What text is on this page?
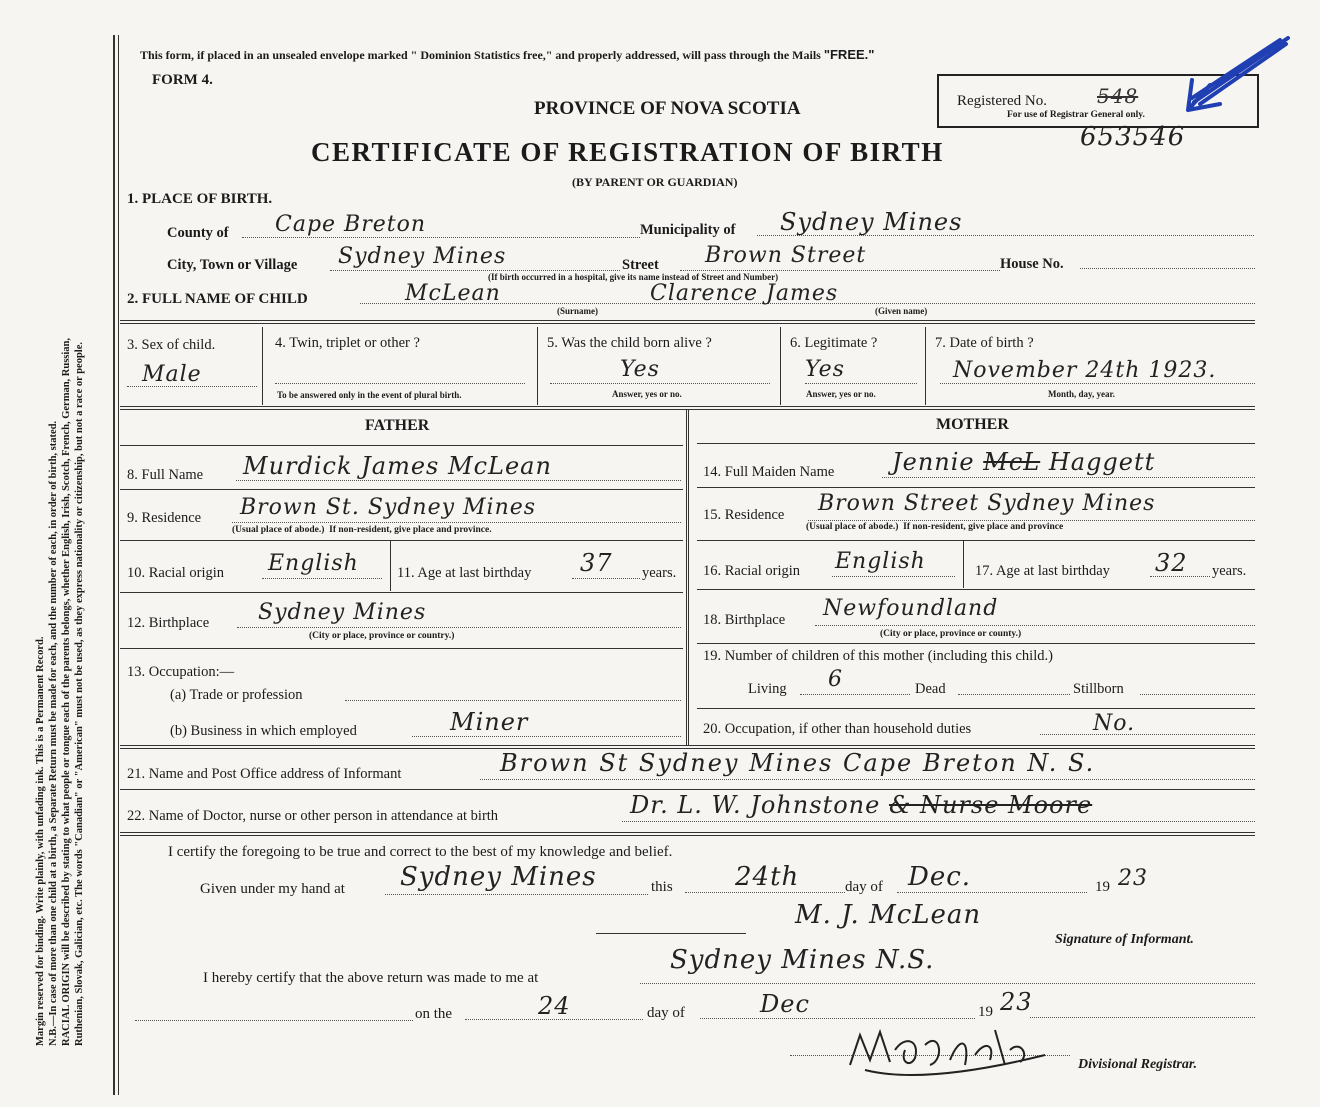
Margin reserved for binding. Write plainly, with unfading ink. This is a Permanent Record. N.B.—In case of more than one child at a birth, a Separate Return must be made for each, and the number of each, in order of birth, stated. RACIAL ORIGIN will be described by stating to what people or tongue each of the parents belongs, whether English, Irish, Scotch, French, German, Russian, Ruthenian, Slovak, Galician, etc. The words "Canadian" or "American" must not be used, as they express nationality or citizenship, but not a race or people.
This form, if placed in an unsealed envelope marked " Dominion Statistics free," and properly addressed, will pass through the Mails "FREE."
FORM 4.
PROVINCE OF NOVA SCOTIA
CERTIFICATE OF REGISTRATION OF BIRTH
(BY PARENT OR GUARDIAN)
Registered No.	548
For use of Registrar General only.
653546
1. PLACE OF BIRTH.
County of Cape Breton	Municipality of Sydney Mines
City, Town or Village Sydney Mines	Street Brown Street	House No.
(If birth occurred in a hospital, give its name instead of Street and Number)
2. FULL NAME OF CHILD	McLean	Clarence James
(Surname)	(Given name)
3. Sex of child.
Male
4. Twin, triplet or other ?
To be answered only in the event of plural birth.
5. Was the child born alive ?
Yes
Answer, yes or no.
6. Legitimate ?
Yes
Answer, yes or no.
7. Date of birth ?
November 24th 1923.
Month, day, year.
FATHER	MOTHER
8. Full Name Murdick James McLean
9. Residence Brown St. Sydney Mines
(Usual place of abode.) If non-resident, give place and province.
10. Racial origin English	11. Age at last birthday 37 years.
12. Birthplace Sydney Mines
(City or place, province or country.)
13. Occupation:—
(a) Trade or profession
(b) Business in which employed	Miner
14. Full Maiden Name Jennie McL Haggett
15. Residence Brown Street Sydney Mines
(Usual place of abode.) If non-resident, give place and province
16. Racial origin English	17. Age at last birthday 32 years.
18. Birthplace Newfoundland
(City or place, province or county.)
19. Number of children of this mother (including this child.)
Living 6	Dead	Stillborn
20. Occupation, if other than household duties	No.
21. Name and Post Office address of Informant	Brown St Sydney Mines Cape Breton N. S.
22. Name of Doctor, nurse or other person in attendance at birth	Dr. L. W. Johnstone & Nurse Moore
I certify the foregoing to be true and correct to the best of my knowledge and belief.
Given under my hand at Sydney Mines	this 24th	day of Dec.	19 23
M. J. McLean
Signature of Informant.
I hereby certify that the above return was made to me at
Sydney Mines N.S.
on the	24	day of	Dec	19 23
Divisional Registrar.
